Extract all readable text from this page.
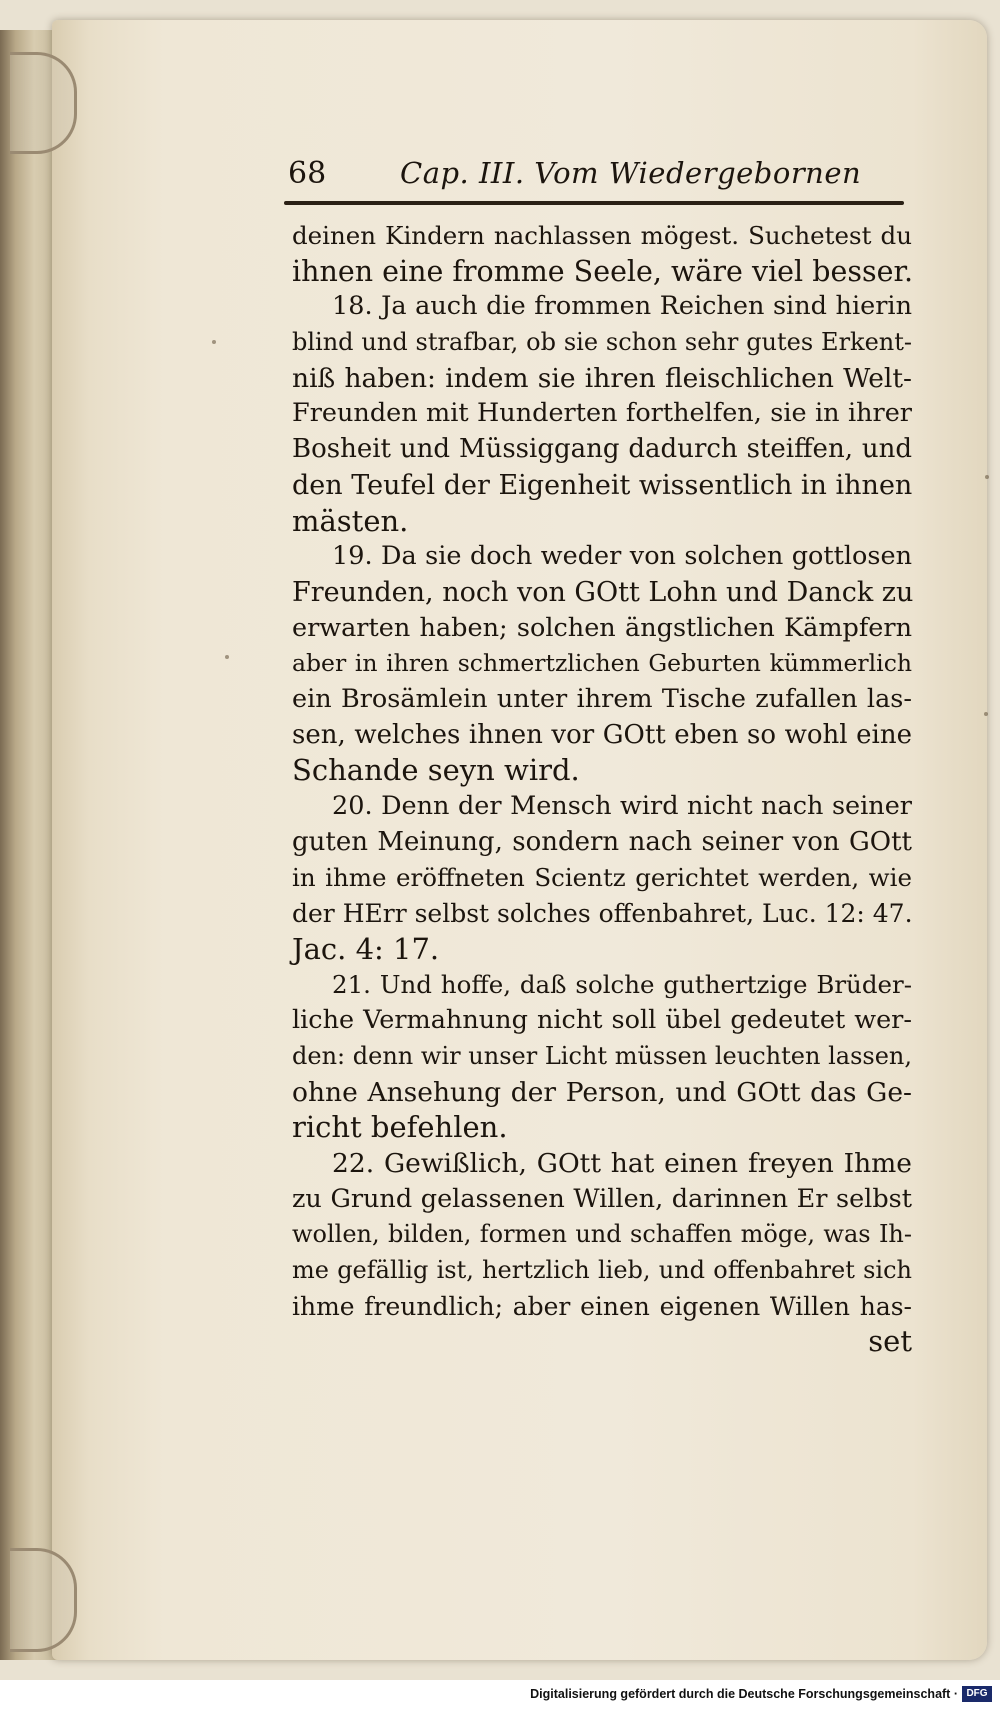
68	Cap. III. Vom Wiedergebornen
deinen Kindern nachlassen mögest. Suchetest du
ihnen eine fromme Seele, wäre viel besser.
18. Ja auch die frommen Reichen sind hierin
blind und strafbar, ob sie schon sehr gutes Erkent-
niß haben: indem sie ihren fleischlichen Welt-
Freunden mit Hunderten forthelfen, sie in ihrer
Bosheit und Müssiggang dadurch steiffen, und
den Teufel der Eigenheit wissentlich in ihnen
mästen.
19. Da sie doch weder von solchen gottlosen
Freunden, noch von GOtt Lohn und Danck zu
erwarten haben; solchen ängstlichen Kämpfern
aber in ihren schmertzlichen Geburten kümmerlich
ein Brosämlein unter ihrem Tische zufallen las-
sen, welches ihnen vor GOtt eben so wohl eine
Schande seyn wird.
20. Denn der Mensch wird nicht nach seiner
guten Meinung, sondern nach seiner von GOtt
in ihme eröffneten Scientz gerichtet werden, wie
der HErr selbst solches offenbahret, Luc. 12: 47.
Jac. 4: 17.
21. Und hoffe, daß solche guthertzige Brüder-
liche Vermahnung nicht soll übel gedeutet wer-
den: denn wir unser Licht müssen leuchten lassen,
ohne Ansehung der Person, und GOtt das Ge-
richt befehlen.
22. Gewißlich, GOtt hat einen freyen Ihme
zu Grund gelassenen Willen, darinnen Er selbst
wollen, bilden, formen und schaffen möge, was Ih-
me gefällig ist, hertzlich lieb, und offenbahret sich
ihme freundlich; aber einen eigenen Willen has-
set
Digitalisierung gefördert durch die Deutsche Forschungsgemeinschaft · DFG
